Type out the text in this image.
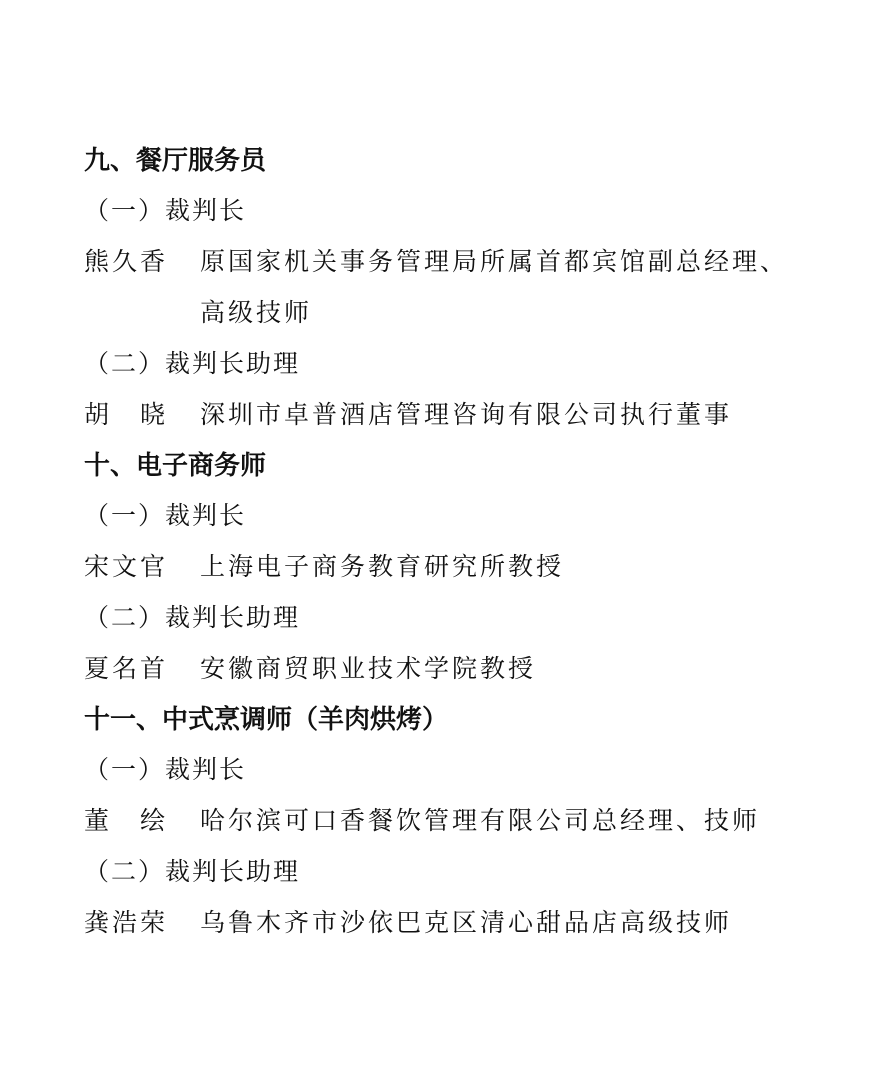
九、餐厅服务员
（一）裁判长
熊久香 原国家机关事务管理局所属首都宾馆副总经理、
高级技师
（二）裁判长助理
胡　晓 深圳市卓普酒店管理咨询有限公司执行董事
十、电子商务师
（一）裁判长
宋文官 上海电子商务教育研究所教授
（二）裁判长助理
夏名首 安徽商贸职业技术学院教授
十一、中式烹调师（羊肉烘烤）
（一）裁判长
董　绘 哈尔滨可口香餐饮管理有限公司总经理、技师
（二）裁判长助理
龚浩荣 乌鲁木齐市沙依巴克区清心甜品店高级技师
